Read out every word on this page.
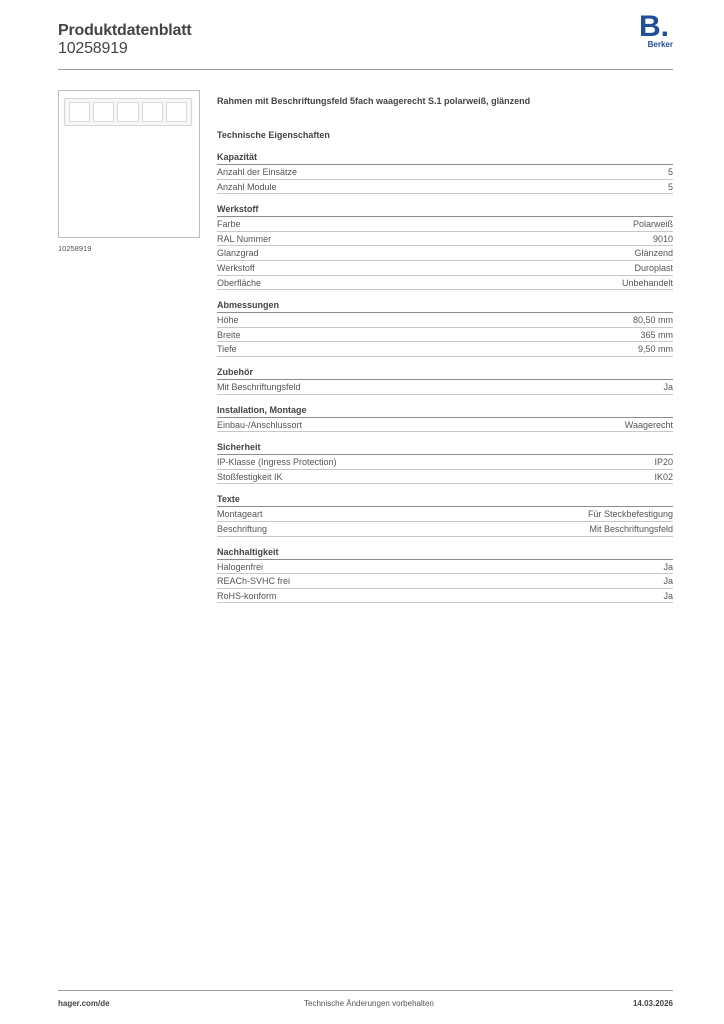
Produktdatenblatt
10258919
B.
Berker
10258919
Rahmen mit Beschriftungsfeld 5fach waagerecht S.1 polarweiß, glänzend
Technische Eigenschaften
Kapazität
Anzahl der Einsätze	5
Anzahl Module	5
Werkstoff
Farbe	Polarweiß
RAL Nummer	9010
Glanzgrad	Glänzend
Werkstoff	Duroplast
Oberfläche	Unbehandelt
Abmessungen
Höhe	80,50 mm
Breite	365 mm
Tiefe	9,50 mm
Zubehör
Mit Beschriftungsfeld	Ja
Installation, Montage
Einbau-/Anschlussort	Waagerecht
Sicherheit
IP-Klasse (Ingress Protection)	IP20
Stoßfestigkeit IK	IK02
Texte
Montageart	Für Steckbefestigung
Beschriftung	Mit Beschriftungsfeld
Nachhaltigkeit
Halogenfrei	Ja
REACh-SVHC frei	Ja
RoHS-konform	Ja
hager.com/de	Technische Änderungen vorbehalten	14.03.2026
